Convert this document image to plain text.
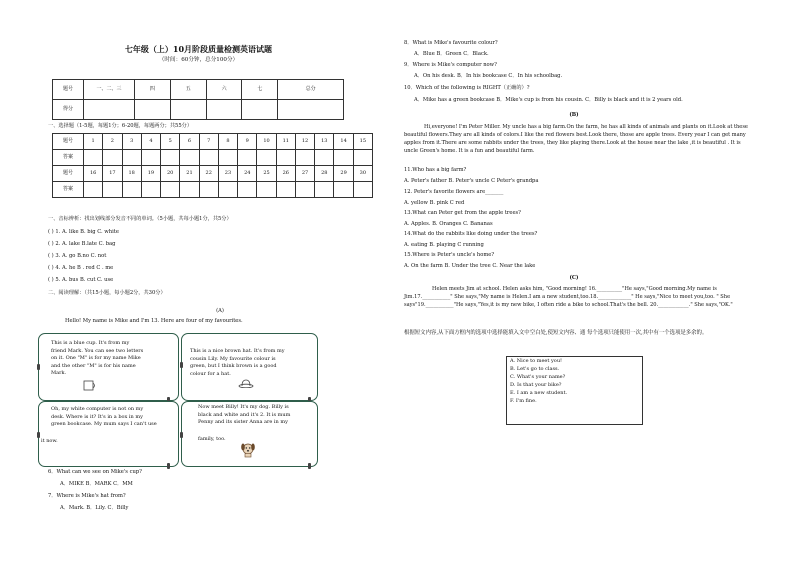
七年级（上）10月阶段质量检测英语试题
（时间：60分钟，总分100分）
题号	一、二、三	四	五	六	七	总分
得分						
一、选择题（1-5题，每题1分；6-20题，每题两分；共55分）
题号	1	2	3	4	5	6	7	8	9	10	11	12	13	14	15
答案															
题号	16	17	18	19	20	21	22	23	24	25	26	27	28	29	30
答案															
一、音标辨析：找出划线部分发音不同的单词。（5小题，共每小题1分，共5分）
( ) 1. A. like B. big C. white
( ) 2. A. lake B.late C. bag
( ) 3. A. go B.no C. not
( ) 4. A. he B . red C . me
( ) 5. A. bus B. cut C. use
二、阅读理解：（共15小题，每小题2分，共30分）
(A)
Hello! My name is Mike and I'm 13. Here are four of my favourites.
This is a blue cup. It's from my
friend Mark. You can see two letters
on it. One "M" is for my name Mike
and the other "M" is for his name
Mark.
This is a nice brown hat. It's from my
cousin Lily. My favourite colour is
green, but I think brown is a good
colour for a hat.
Oh, my white computer is not on my
desk. Where is it? It's in a box in my
green bookcase. My mum says I can't use
it now.
Now meet Billy! It's my dog. Billy is
black and white and it's 2. It is mum
Penny and its sister Anna are in my
family, too.
6．What can we see on Mike's cup?
A．MIKE B．MARK C．MM
7．Where is Mike's hat from?
A．Mark. B．Lily. C．Billy
8．What is Mike's favourite colour?
A．Blue B．Green C．Black.
9．Where is Mike's computer now?
A．On his desk. B．In his bookcase C．In his schoolbag.
10．Which of the following is RIGHT（正确的）?
A．Mike has a green bookcase B．Mike's cup is from his cousin. C．Billy is black and it is 2 years old.
(B)
Hi,everyone! I'm Peter Miller. My uncle has a big farm.On the farm, he has all kinds of animals and plants on it.Look at these beautiful flowers.They are all kinds of colors.I like the red flowers best.Look there, those are apple trees. Every year I can get many apples from it.There are some rabbits under the trees, they like playing there.Look at the house near the lake ,it is beautiful . It is uncle Green's home. It is a fun and beautiful farm.
11.Who has a big farm?
A. Peter's father B. Peter's uncle C Peter's grandpa
12. Peter's favorite flowers are_______
A. yellow B. pink C red
13.What can Peter get from the apple trees?
A. Apples. B. Oranges C. Bananas
14.What do the rabbits like doing under the trees?
A. eating B. playing C running
15.Where is Peter's uncle's home?
A. On the farm B. Under the tree C. Near the lake
(C)
Helen meets Jim at school. Helen asks him, "Good morning! 16.__________"He says,"Good morning.My name is Jim.17.___________" She says,"My name is Helen.I am a new student,too.18._____________" He says,"Nice to meet you,too. " She says"19.___________"He says,"Yes,it is my new bike, I often ride a bike to school.That's the bell. 20.____________." She says,"OK."
根据短文内容,从下面方框内的选项中选择能填入文中空白处,使短文内容、通 每个选项只能使用一次,其中有一个选项是多余的。
A. Nice to meet you!
B. Let's go to class.
C. What's your name?
D. Is that your bike?
E. I am a new student.
F. I'm fine.
